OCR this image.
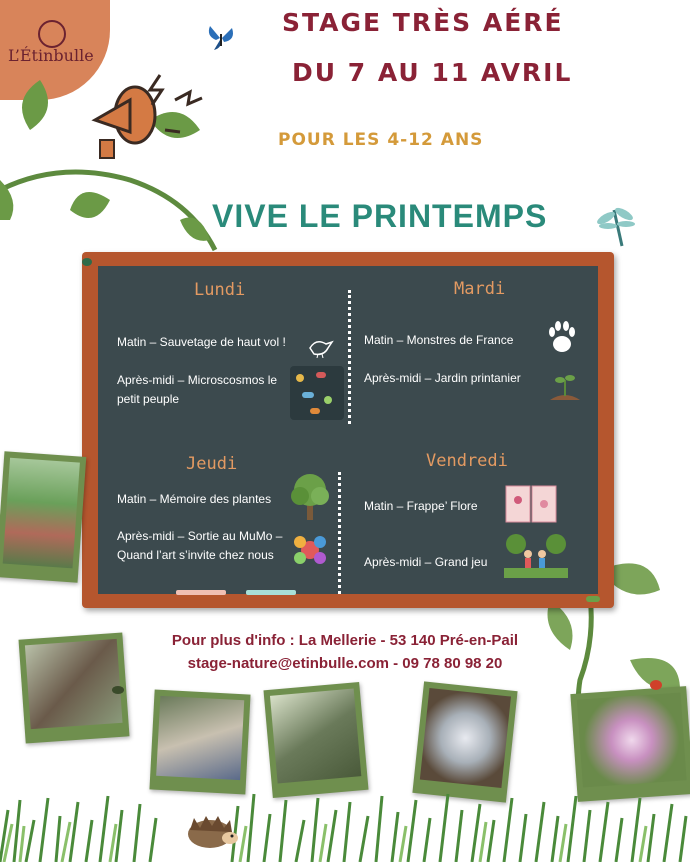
L’Étinbulle
STAGE TRÈS AÉRÉ
DU 7 AU 11 AVRIL
POUR LES 4-12 ANS
VIVE LE PRINTEMPS
Lundi
Matin – Sauvetage de haut vol !
Après-midi – Microscosmos le
petit peuple
Mardi
Matin – Monstres de France
Après-midi – Jardin printanier
Jeudi
Matin – Mémoire des plantes
Après-midi – Sortie au MuMo –
Quand l’art s’invite chez nous
Vendredi
Matin – Frappe’ Flore
Après-midi – Grand jeu
Pour plus d'info : La Mellerie - 53 140 Pré-en-Pail
stage-nature@etinbulle.com - 09 78 80 98 20
